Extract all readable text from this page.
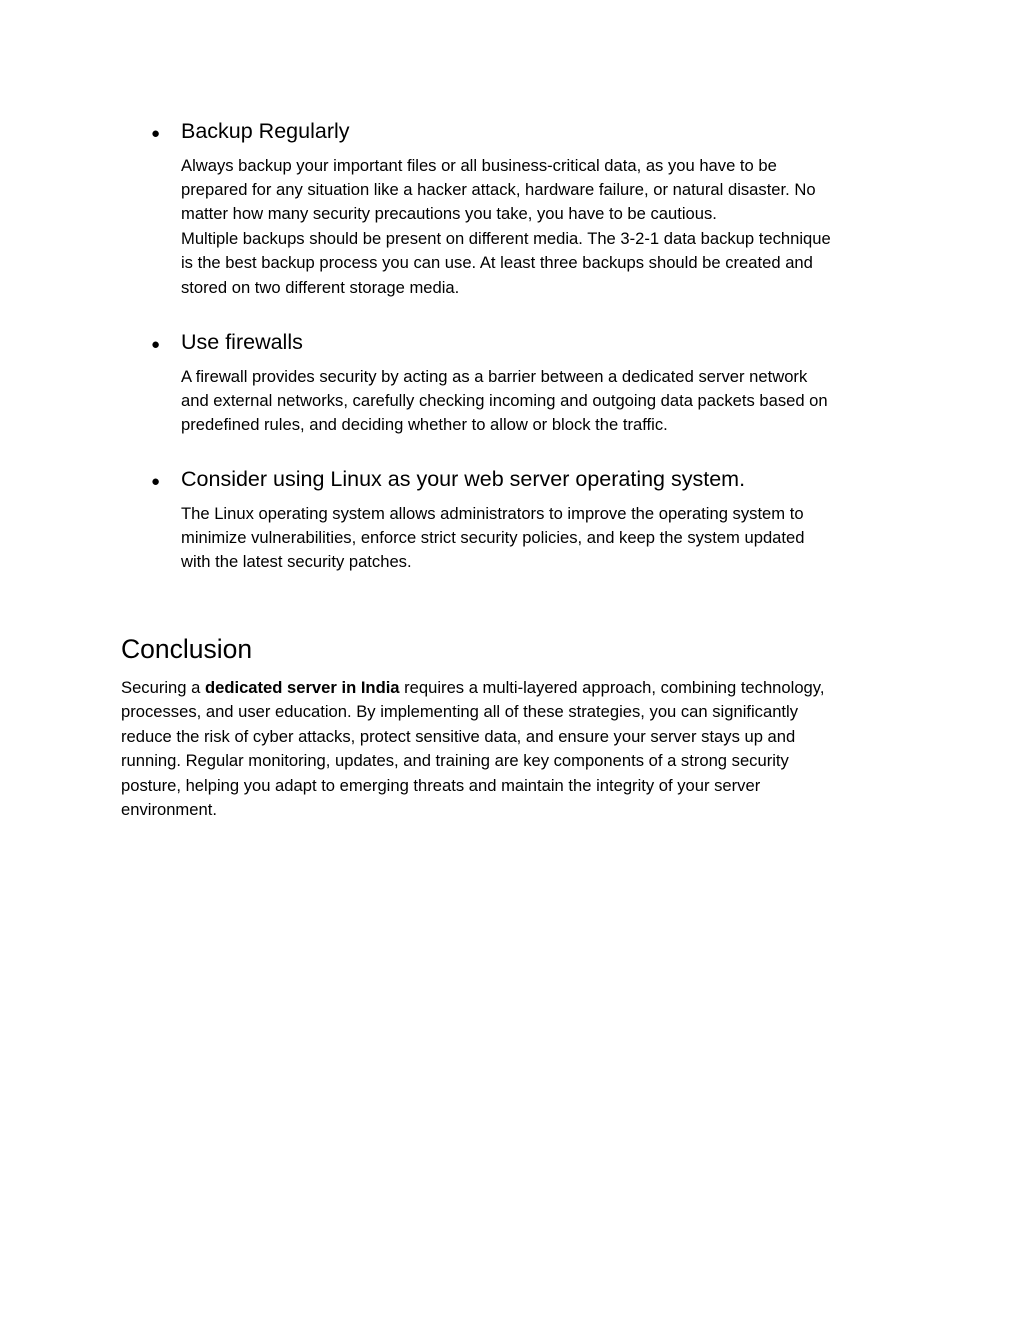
● Backup Regularly

Always backup your important files or all business-critical data, as you have to be
prepared for any situation like a hacker attack, hardware failure, or natural disaster. No
matter how many security precautions you take, you have to be cautious.
Multiple backups should be present on different media. The 3-2-1 data backup technique
is the best backup process you can use. At least three backups should be created and
stored on two different storage media.

● Use firewalls

A firewall provides security by acting as a barrier between a dedicated server network
and external networks, carefully checking incoming and outgoing data packets based on
predefined rules, and deciding whether to allow or block the traffic.

● Consider using Linux as your web server operating system.

The Linux operating system allows administrators to improve the operating system to
minimize vulnerabilities, enforce strict security policies, and keep the system updated
with the latest security patches.

Conclusion

Securing a dedicated server in India requires a multi-layered approach, combining technology,
processes, and user education. By implementing all of these strategies, you can significantly
reduce the risk of cyber attacks, protect sensitive data, and ensure your server stays up and
running. Regular monitoring, updates, and training are key components of a strong security
posture, helping you adapt to emerging threats and maintain the integrity of your server
environment.
